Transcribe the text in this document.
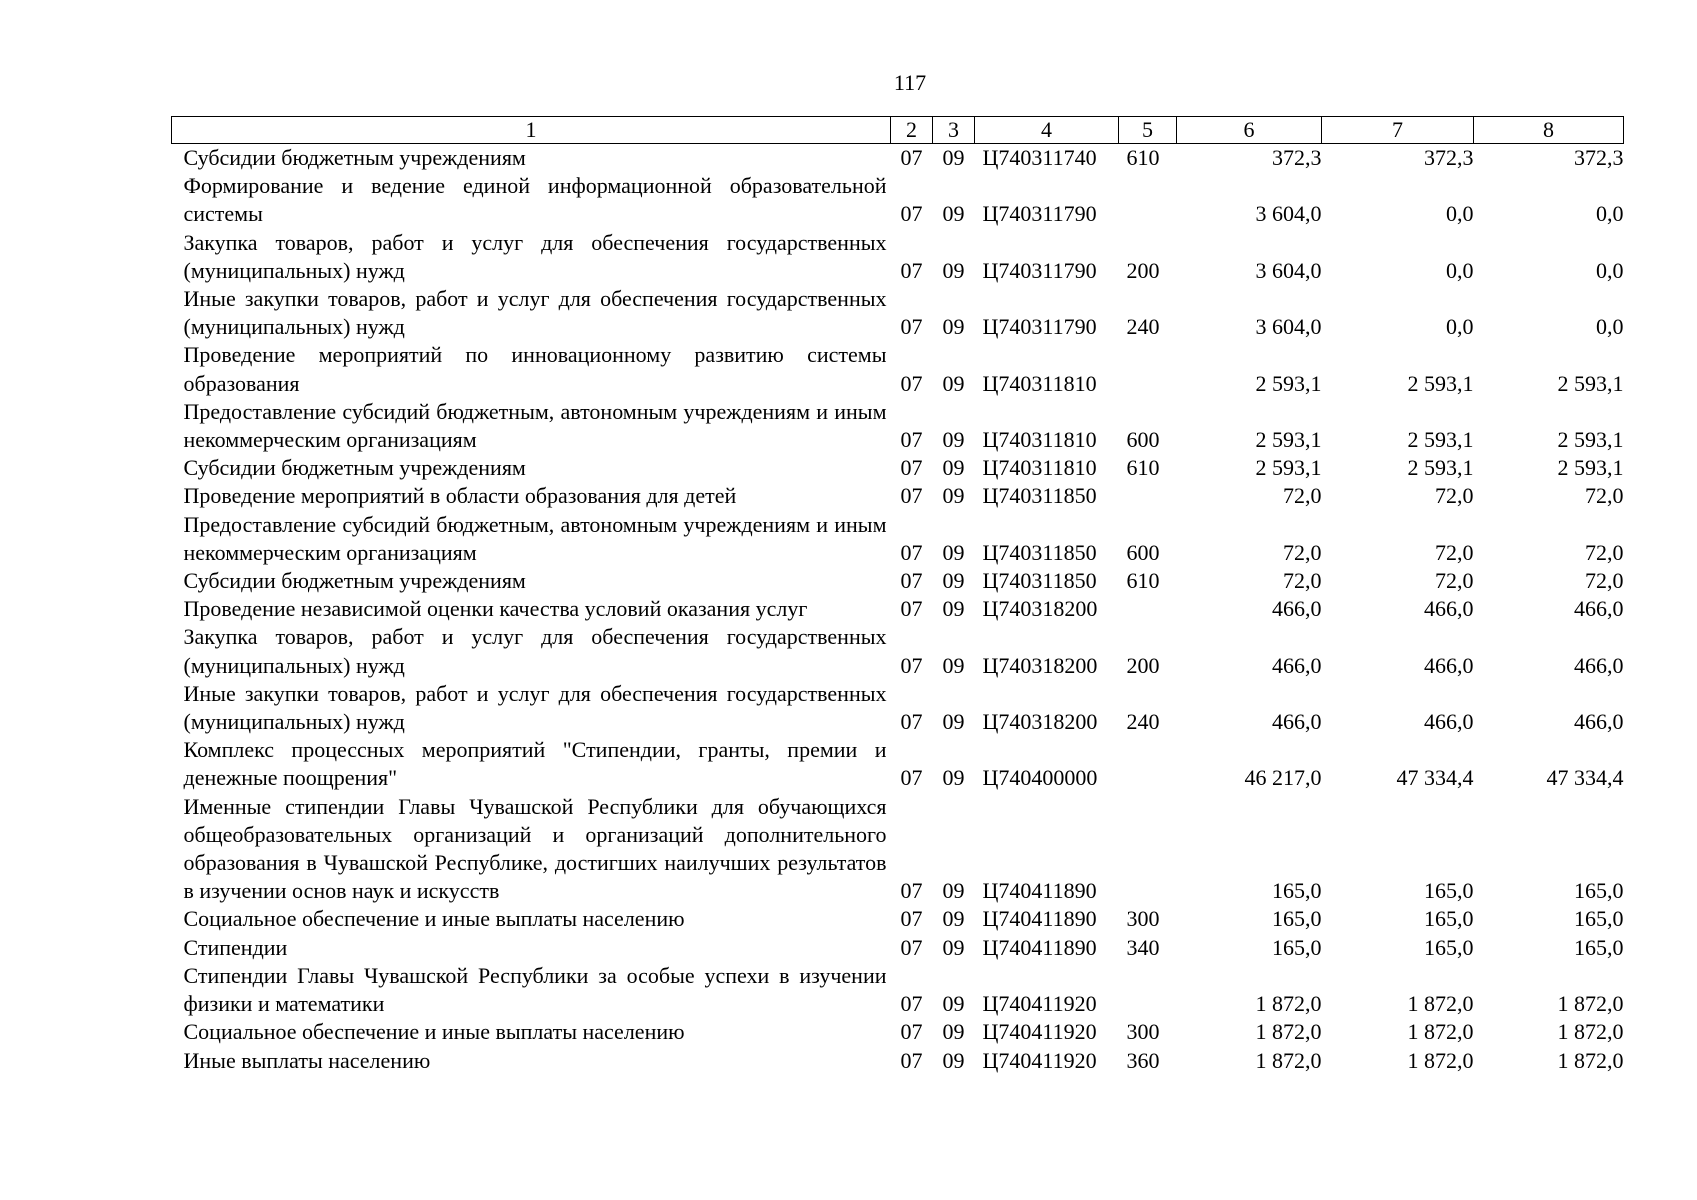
117
1	2	3	4	5	6	7	8
Субсидии бюджетным учреждениям	07	09	Ц740311740	610	372,3	372,3	372,3
Формирование и ведение единой информационной образовательной системы	07	09	Ц740311790		3 604,0	0,0	0,0
Закупка товаров, работ и услуг для обеспечения государственных (муниципальных) нужд	07	09	Ц740311790	200	3 604,0	0,0	0,0
Иные закупки товаров, работ и услуг для обеспечения государственных (муниципальных) нужд	07	09	Ц740311790	240	3 604,0	0,0	0,0
Проведение мероприятий по инновационному развитию системы образования	07	09	Ц740311810		2 593,1	2 593,1	2 593,1
Предоставление субсидий бюджетным, автономным учреждениям и иным некоммерческим организациям	07	09	Ц740311810	600	2 593,1	2 593,1	2 593,1
Субсидии бюджетным учреждениям	07	09	Ц740311810	610	2 593,1	2 593,1	2 593,1
Проведение мероприятий в области образования для детей	07	09	Ц740311850		72,0	72,0	72,0
Предоставление субсидий бюджетным, автономным учреждениям и иным некоммерческим организациям	07	09	Ц740311850	600	72,0	72,0	72,0
Субсидии бюджетным учреждениям	07	09	Ц740311850	610	72,0	72,0	72,0
Проведение независимой оценки качества условий оказания услуг	07	09	Ц740318200		466,0	466,0	466,0
Закупка товаров, работ и услуг для обеспечения государственных (муниципальных) нужд	07	09	Ц740318200	200	466,0	466,0	466,0
Иные закупки товаров, работ и услуг для обеспечения государственных (муниципальных) нужд	07	09	Ц740318200	240	466,0	466,0	466,0
Комплекс процессных мероприятий "Стипендии, гранты, премии и денежные поощрения"	07	09	Ц740400000		46 217,0	47 334,4	47 334,4
Именные стипендии Главы Чувашской Республики для обучающихся общеобразовательных организаций и организаций дополнительного образования в Чувашской Республике, достигших наилучших результатов в изучении основ наук и искусств	07	09	Ц740411890		165,0	165,0	165,0
Социальное обеспечение и иные выплаты населению	07	09	Ц740411890	300	165,0	165,0	165,0
Стипендии	07	09	Ц740411890	340	165,0	165,0	165,0
Стипендии Главы Чувашской Республики за особые успехи в изучении физики и математики	07	09	Ц740411920		1 872,0	1 872,0	1 872,0
Социальное обеспечение и иные выплаты населению	07	09	Ц740411920	300	1 872,0	1 872,0	1 872,0
Иные выплаты населению	07	09	Ц740411920	360	1 872,0	1 872,0	1 872,0
